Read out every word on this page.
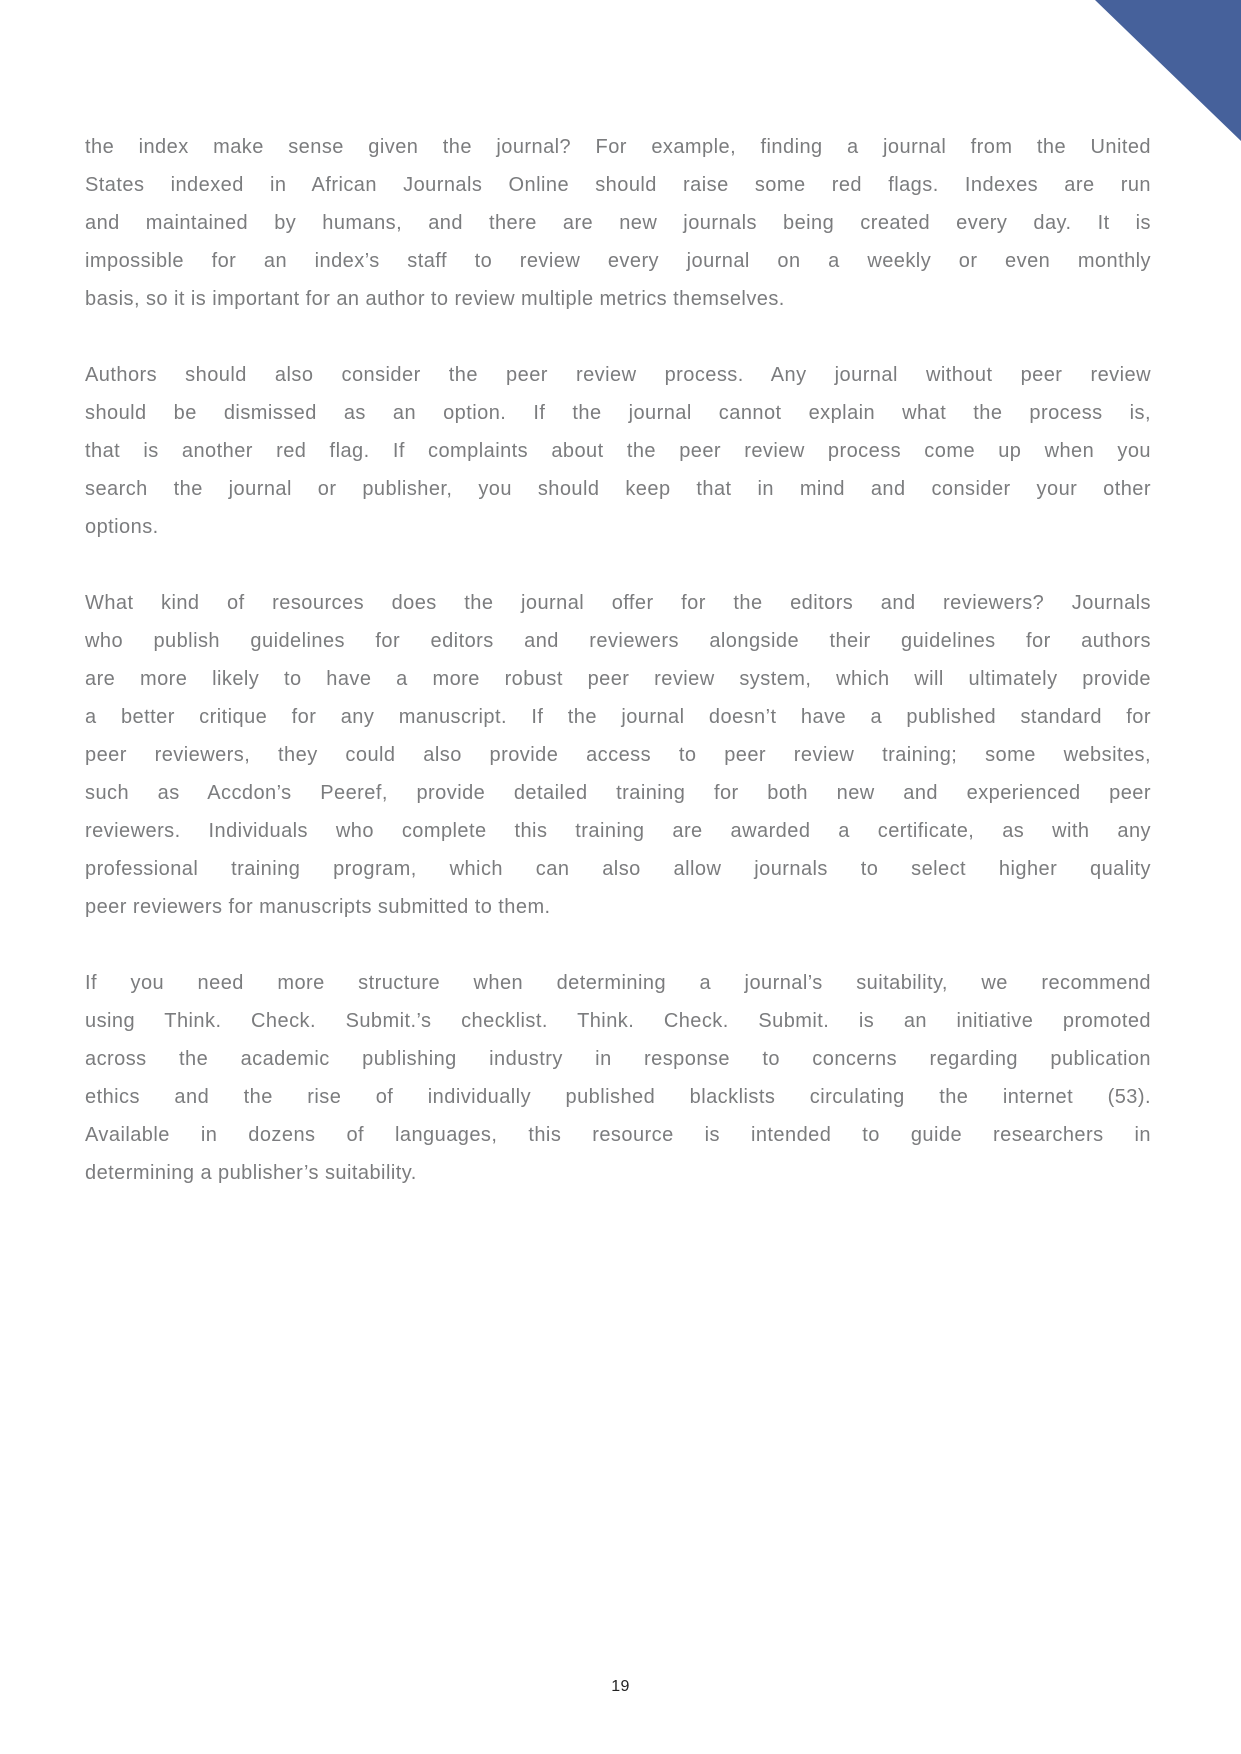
the index make sense given the journal? For example, finding a journal from the United
States indexed in African Journals Online should raise some red flags. Indexes are run
and maintained by humans, and there are new journals being created every day. It is
impossible for an index’s staff to review every journal on a weekly or even monthly
basis, so it is important for an author to review multiple metrics themselves.
Authors should also consider the peer review process. Any journal without peer review
should be dismissed as an option. If the journal cannot explain what the process is,
that is another red flag. If complaints about the peer review process come up when you
search the journal or publisher, you should keep that in mind and consider your other
options.
What kind of resources does the journal offer for the editors and reviewers? Journals
who publish guidelines for editors and reviewers alongside their guidelines for authors
are more likely to have a more robust peer review system, which will ultimately provide
a better critique for any manuscript. If the journal doesn’t have a published standard for
peer reviewers, they could also provide access to peer review training; some websites,
such as Accdon’s Peeref, provide detailed training for both new and experienced peer
reviewers. Individuals who complete this training are awarded a certificate, as with any
professional training program, which can also allow journals to select higher quality
peer reviewers for manuscripts submitted to them.
If you need more structure when determining a journal’s suitability, we recommend
using Think. Check. Submit.’s checklist. Think. Check. Submit. is an initiative promoted
across the academic publishing industry in response to concerns regarding publication
ethics and the rise of individually published blacklists circulating the internet (53).
Available in dozens of languages, this resource is intended to guide researchers in
determining a publisher’s suitability.
19
